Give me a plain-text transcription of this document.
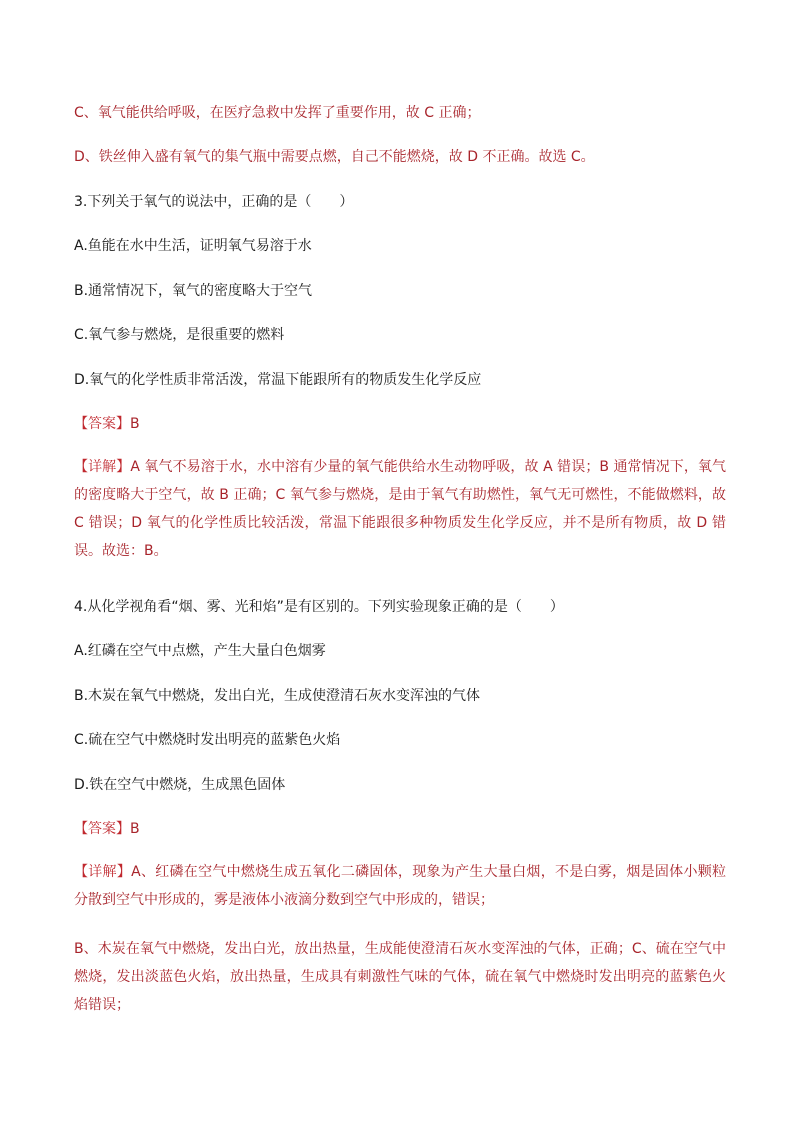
C、氧气能供给呼吸，在医疗急救中发挥了重要作用，故 C 正确；
D、铁丝伸入盛有氧气的集气瓶中需要点燃，自己不能燃烧，故 D 不正确。故选 C。
3.下列关于氧气的说法中，正确的是（　　）
A.鱼能在水中生活，证明氧气易溶于水
B.通常情况下，氧气的密度略大于空气
C.氧气参与燃烧，是很重要的燃料
D.氧气的化学性质非常活泼，常温下能跟所有的物质发生化学反应
【答案】B
【详解】A 氧气不易溶于水，水中溶有少量的氧气能供给水生动物呼吸，故 A 错误；B 通常情况下，氧气的密度略大于空气，故 B 正确；C 氧气参与燃烧，是由于氧气有助燃性，氧气无可燃性，不能做燃料，故 C 错误；D 氧气的化学性质比较活泼，常温下能跟很多种物质发生化学反应，并不是所有物质，故 D 错误。故选：B。
4.从化学视角看“烟、雾、光和焰”是有区别的。下列实验现象正确的是（　　）
A.红磷在空气中点燃，产生大量白色烟雾
B.木炭在氧气中燃烧，发出白光，生成使澄清石灰水变浑浊的气体
C.硫在空气中燃烧时发出明亮的蓝紫色火焰
D.铁在空气中燃烧，生成黑色固体
【答案】B
【详解】A、红磷在空气中燃烧生成五氧化二磷固体，现象为产生大量白烟，不是白雾，烟是固体小颗粒分散到空气中形成的，雾是液体小液滴分数到空气中形成的，错误；
B、木炭在氧气中燃烧，发出白光，放出热量，生成能使澄清石灰水变浑浊的气体，正确；C、硫在空气中燃烧，发出淡蓝色火焰，放出热量，生成具有刺激性气味的气体，硫在氧气中燃烧时发出明亮的蓝紫色火焰错误；
